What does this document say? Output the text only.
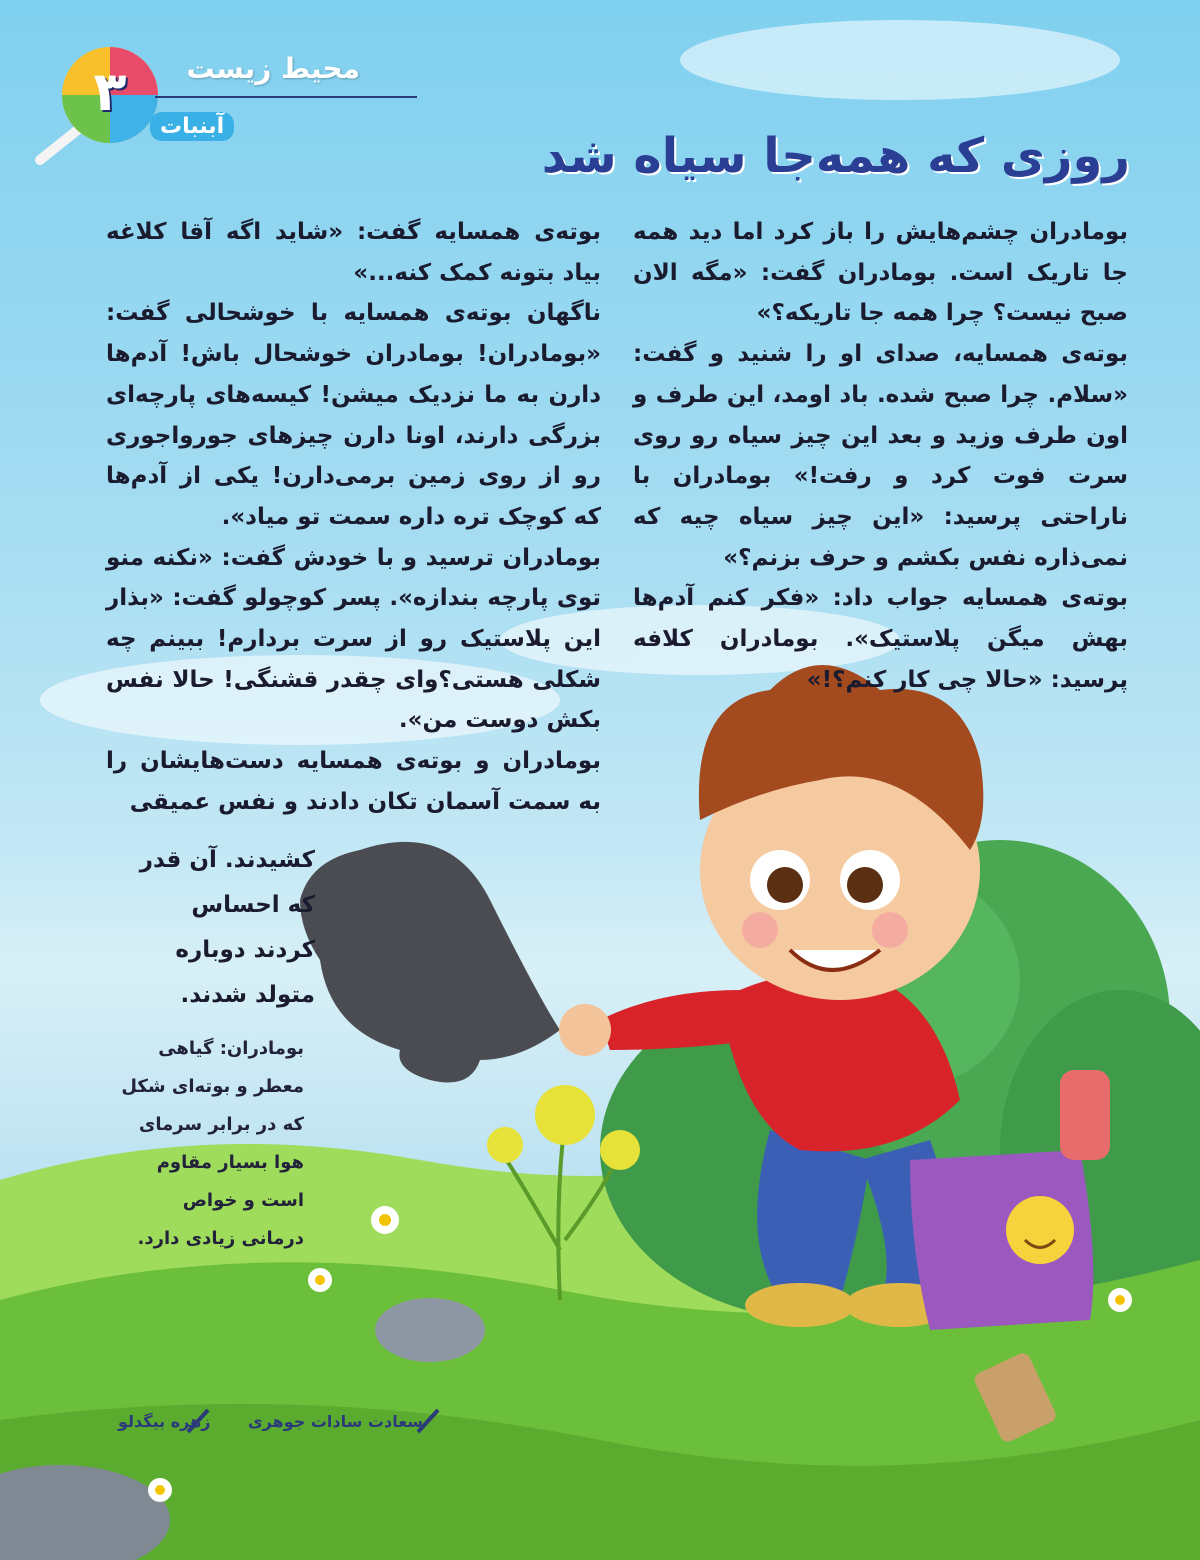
محیط زیست
آبنبات
۳
روزی که همه‌جا سیاه شد

بومادران چشم‌هایش را باز کرد اما دید همه جا تاریک است. بومادران گفت: «مگه الان صبح نیست؟ چرا همه جا تاریکه؟»

بوته‌ی همسایه، صدای او را شنید و گفت: «سلام. چرا صبح شده. باد اومد، این طرف و اون طرف وزید و بعد این چیز سیاه رو روی سرت فوت کرد و رفت!» بومادران با ناراحتی پرسید: «این چیز سیاه چیه که نمی‌ذاره نفس بکشم و حرف بزنم؟»

بوته‌ی همسایه جواب داد: «فکر کنم آدم‌ها بهش میگن پلاستیک». بومادران کلافه پرسید: «حالا چی کار کنم؟!»

بوته‌ی همسایه گفت: «شاید اگه آقا کلاغه بیاد بتونه کمک کنه...»

ناگهان بوته‌ی همسایه با خوشحالی گفت: «بومادران! بومادران خوشحال باش! آدم‌ها دارن به ما نزدیک میشن! کیسه‌های پارچه‌ای بزرگی دارند، اونا دارن چیزهای جورواجوری رو از روی زمین برمی‌دارن! یکی از آدم‌ها که کوچک تره داره سمت تو میاد».

بومادران ترسید و با خودش گفت: «نکنه منو توی پارچه بندازه». پسر کوچولو گفت: «بذار این پلاستیک رو از سرت بردارم! ببینم چه شکلی هستی؟وای چقدر قشنگی! حالا نفس بکش دوست من».

بومادران و بوته‌ی همسایه دست‌هایشان را به سمت آسمان تکان دادند و نفس عمیقی

کشیدند. آن قدر
که احساس
کردند دوباره
متولد شدند.
بومادران: گیاهی
معطر و بوته‌ای شکل
که در برابر سرمای
هوا بسیار مقاوم
است و خواص
درمانی زیادی دارد.
سعادت سادات جوهری
زهره بیگدلو
